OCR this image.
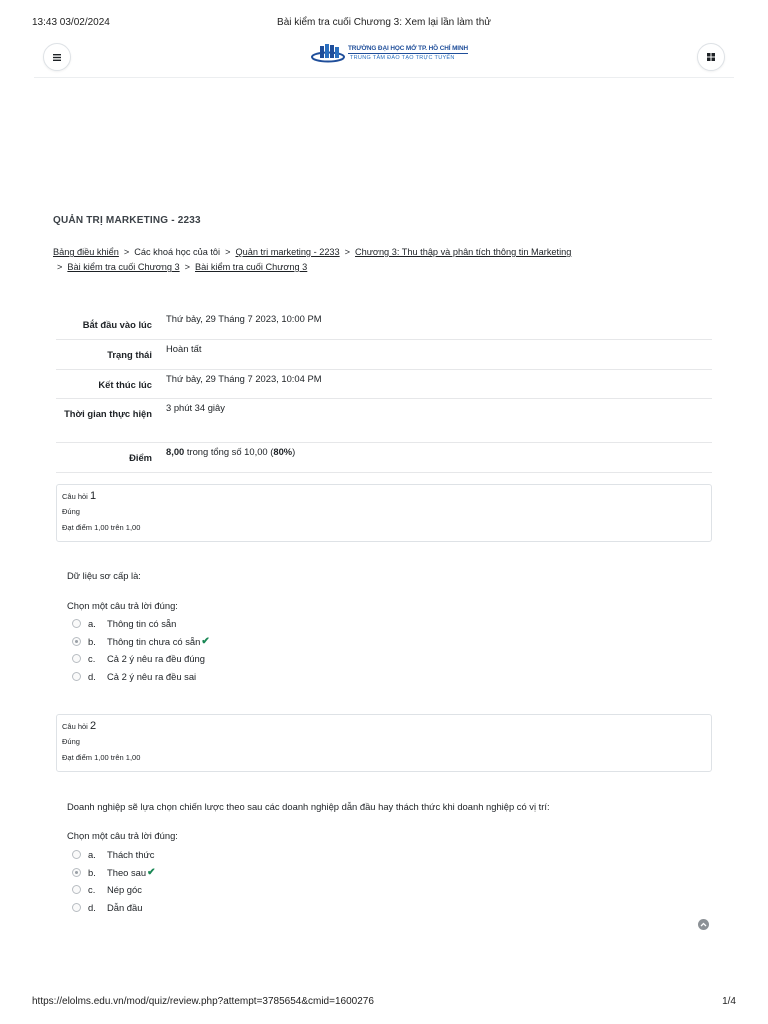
13:43 03/02/2024	Bài kiểm tra cuối Chương 3: Xem lại lần làm thử
TRƯỜNG ĐẠI HỌC MỞ TP. HỒ CHÍ MINH
TRUNG TÂM ĐÀO TẠO TRỰC TUYẾN
QUẢN TRỊ MARKETING - 2233
Bảng điều khiển > Các khoá học của tôi > Quản trị marketing - 2233 > Chương 3: Thu thập và phân tích thông tin Marketing
> Bài kiểm tra cuối Chương 3 > Bài kiểm tra cuối Chương 3
Bắt đầu vào lúc
Thứ bảy, 29 Tháng 7 2023, 10:00 PM
Trạng thái
Hoàn tất
Kết thúc lúc
Thứ bảy, 29 Tháng 7 2023, 10:04 PM
Thời gian thực hiện
3 phút 34 giây
Điểm
8,00 trong tổng số 10,00 (80%)
Câu hỏi 1
Đúng
Đạt điểm 1,00 trên 1,00
Dữ liệu sơ cấp là:
Chọn một câu trả lời đúng:
a.	Thông tin có sẵn
b.	Thông tin chưa có sẵn ✔
c.	Cả 2 ý nêu ra đều đúng
d.	Cả 2 ý nêu ra đều sai
Câu hỏi 2
Đúng
Đạt điểm 1,00 trên 1,00
Doanh nghiệp sẽ lựa chọn chiến lược theo sau các doanh nghiệp dẫn đầu hay thách thức khi doanh nghiệp có vị trí:
Chọn một câu trả lời đúng:
a.	Thách thức
b.	Theo sau ✔
c.	Nép góc
d.	Dẫn đầu
https://elolms.edu.vn/mod/quiz/review.php?attempt=3785654&cmid=1600276	1/4
